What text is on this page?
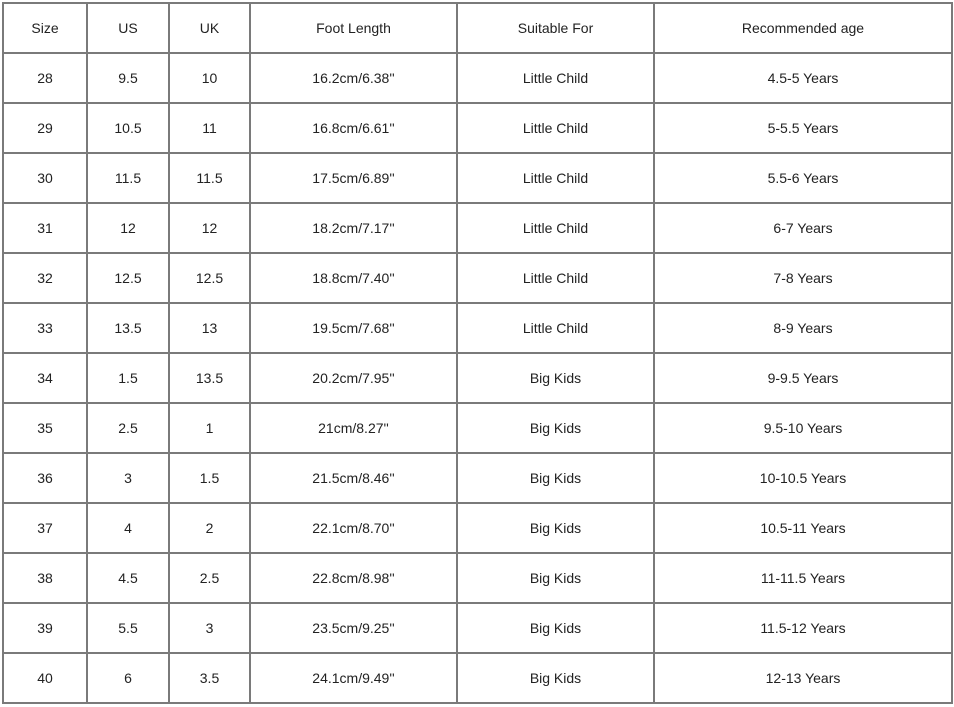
Size	US	UK	Foot Length	Suitable For	Recommended age
28	9.5	10	16.2cm/6.38''	Little Child	4.5-5 Years
29	10.5	11	16.8cm/6.61''	Little Child	5-5.5 Years
30	11.5	11.5	17.5cm/6.89''	Little Child	5.5-6 Years
31	12	12	18.2cm/7.17''	Little Child	6-7 Years
32	12.5	12.5	18.8cm/7.40''	Little Child	7-8 Years
33	13.5	13	19.5cm/7.68''	Little Child	8-9 Years
34	1.5	13.5	20.2cm/7.95''	Big Kids	9-9.5 Years
35	2.5	1	21cm/8.27''	Big Kids	9.5-10 Years
36	3	1.5	21.5cm/8.46''	Big Kids	10-10.5 Years
37	4	2	22.1cm/8.70''	Big Kids	10.5-11 Years
38	4.5	2.5	22.8cm/8.98''	Big Kids	11-11.5 Years
39	5.5	3	23.5cm/9.25''	Big Kids	11.5-12 Years
40	6	3.5	24.1cm/9.49''	Big Kids	12-13 Years
